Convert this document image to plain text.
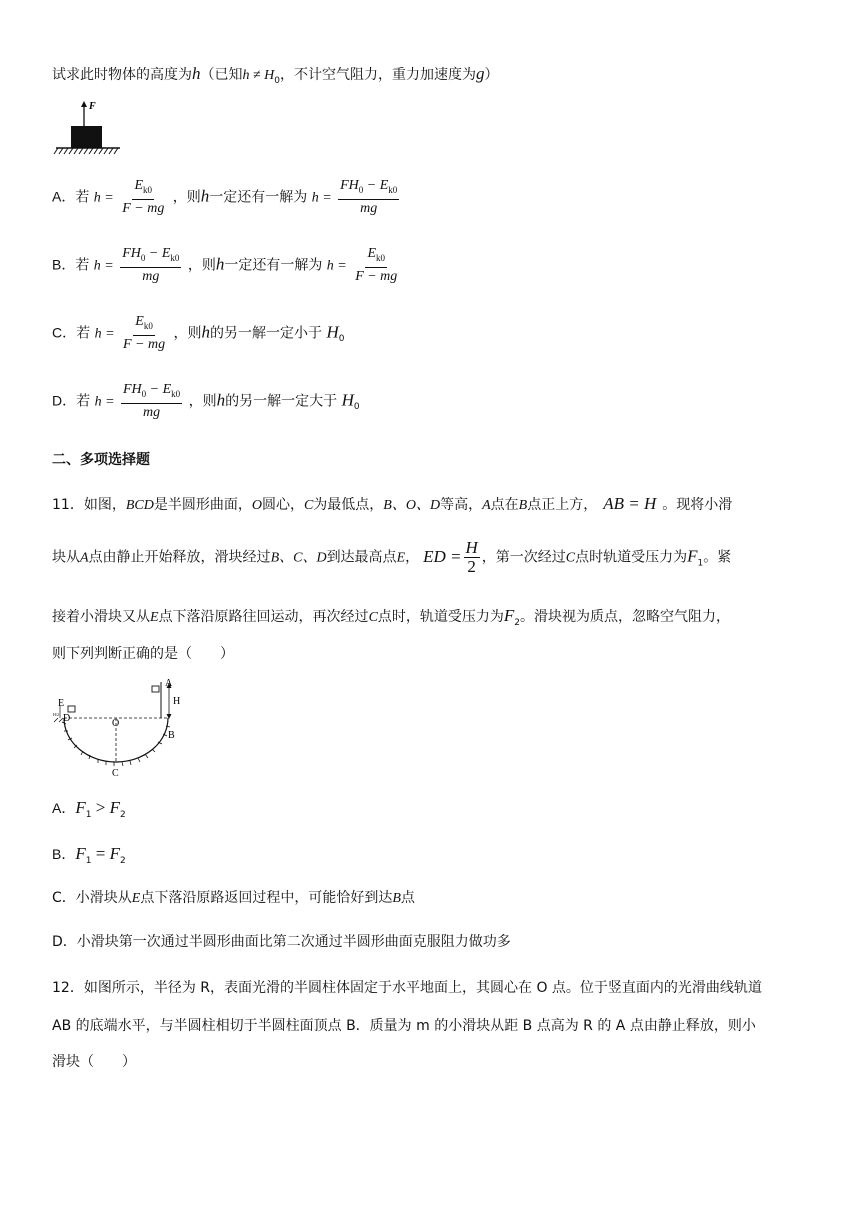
试求此时物体的高度为h（已知$h \ne H_0$，不计空气阻力，重力加速度为g）
F
A．若 $h = \frac{E_{k0}}{F - mg}$ ，则h一定还有一解为 $h = \frac{FH_0 - E_{k0}}{mg}$
B．若 $h = \frac{FH_0 - E_{k0}}{mg}$ ，则h一定还有一解为 $h = \frac{E_{k0}}{F - mg}$
C．若 $h = \frac{E_{k0}}{F - mg}$ ，则h的另一解一定小于 $H_0$
D．若 $h = \frac{FH_0 - E_{k0}}{mg}$ ，则h的另一解一定大于 $H_0$
二、多项选择题
11．如图，BCD是半圆形曲面，O圆心，C为最低点，B、O、D等高，A点在B点正上方， AB = H 。现将小滑
块从A点由静止开始释放，滑块经过B、C、D到达最高点E， ED = $\frac{H}{2}$ ，第一次经过C点时轨道受压力为$F_1$。紧
接着小滑块又从E点下落沿原路往回运动，再次经过C点时，轨道受压力为$F_2$。滑块视为质点，忽略空气阻力，
则下列判断正确的是（　　）
A
H
E
D
H/2
O
B
C
A．$F_1 > F_2$
B．$F_1 = F_2$
C．小滑块从E点下落沿原路返回过程中，可能恰好到达B点
D．小滑块第一次通过半圆形曲面比第二次通过半圆形曲面克服阻力做功多
12．如图所示，半径为 R，表面光滑的半圆柱体固定于水平地面上，其圆心在 O 点。位于竖直面内的光滑曲线轨道
AB 的底端水平，与半圆柱相切于半圆柱面顶点 B．质量为 m 的小滑块从距 B 点高为 R 的 A 点由静止释放，则小
滑块（　　）
